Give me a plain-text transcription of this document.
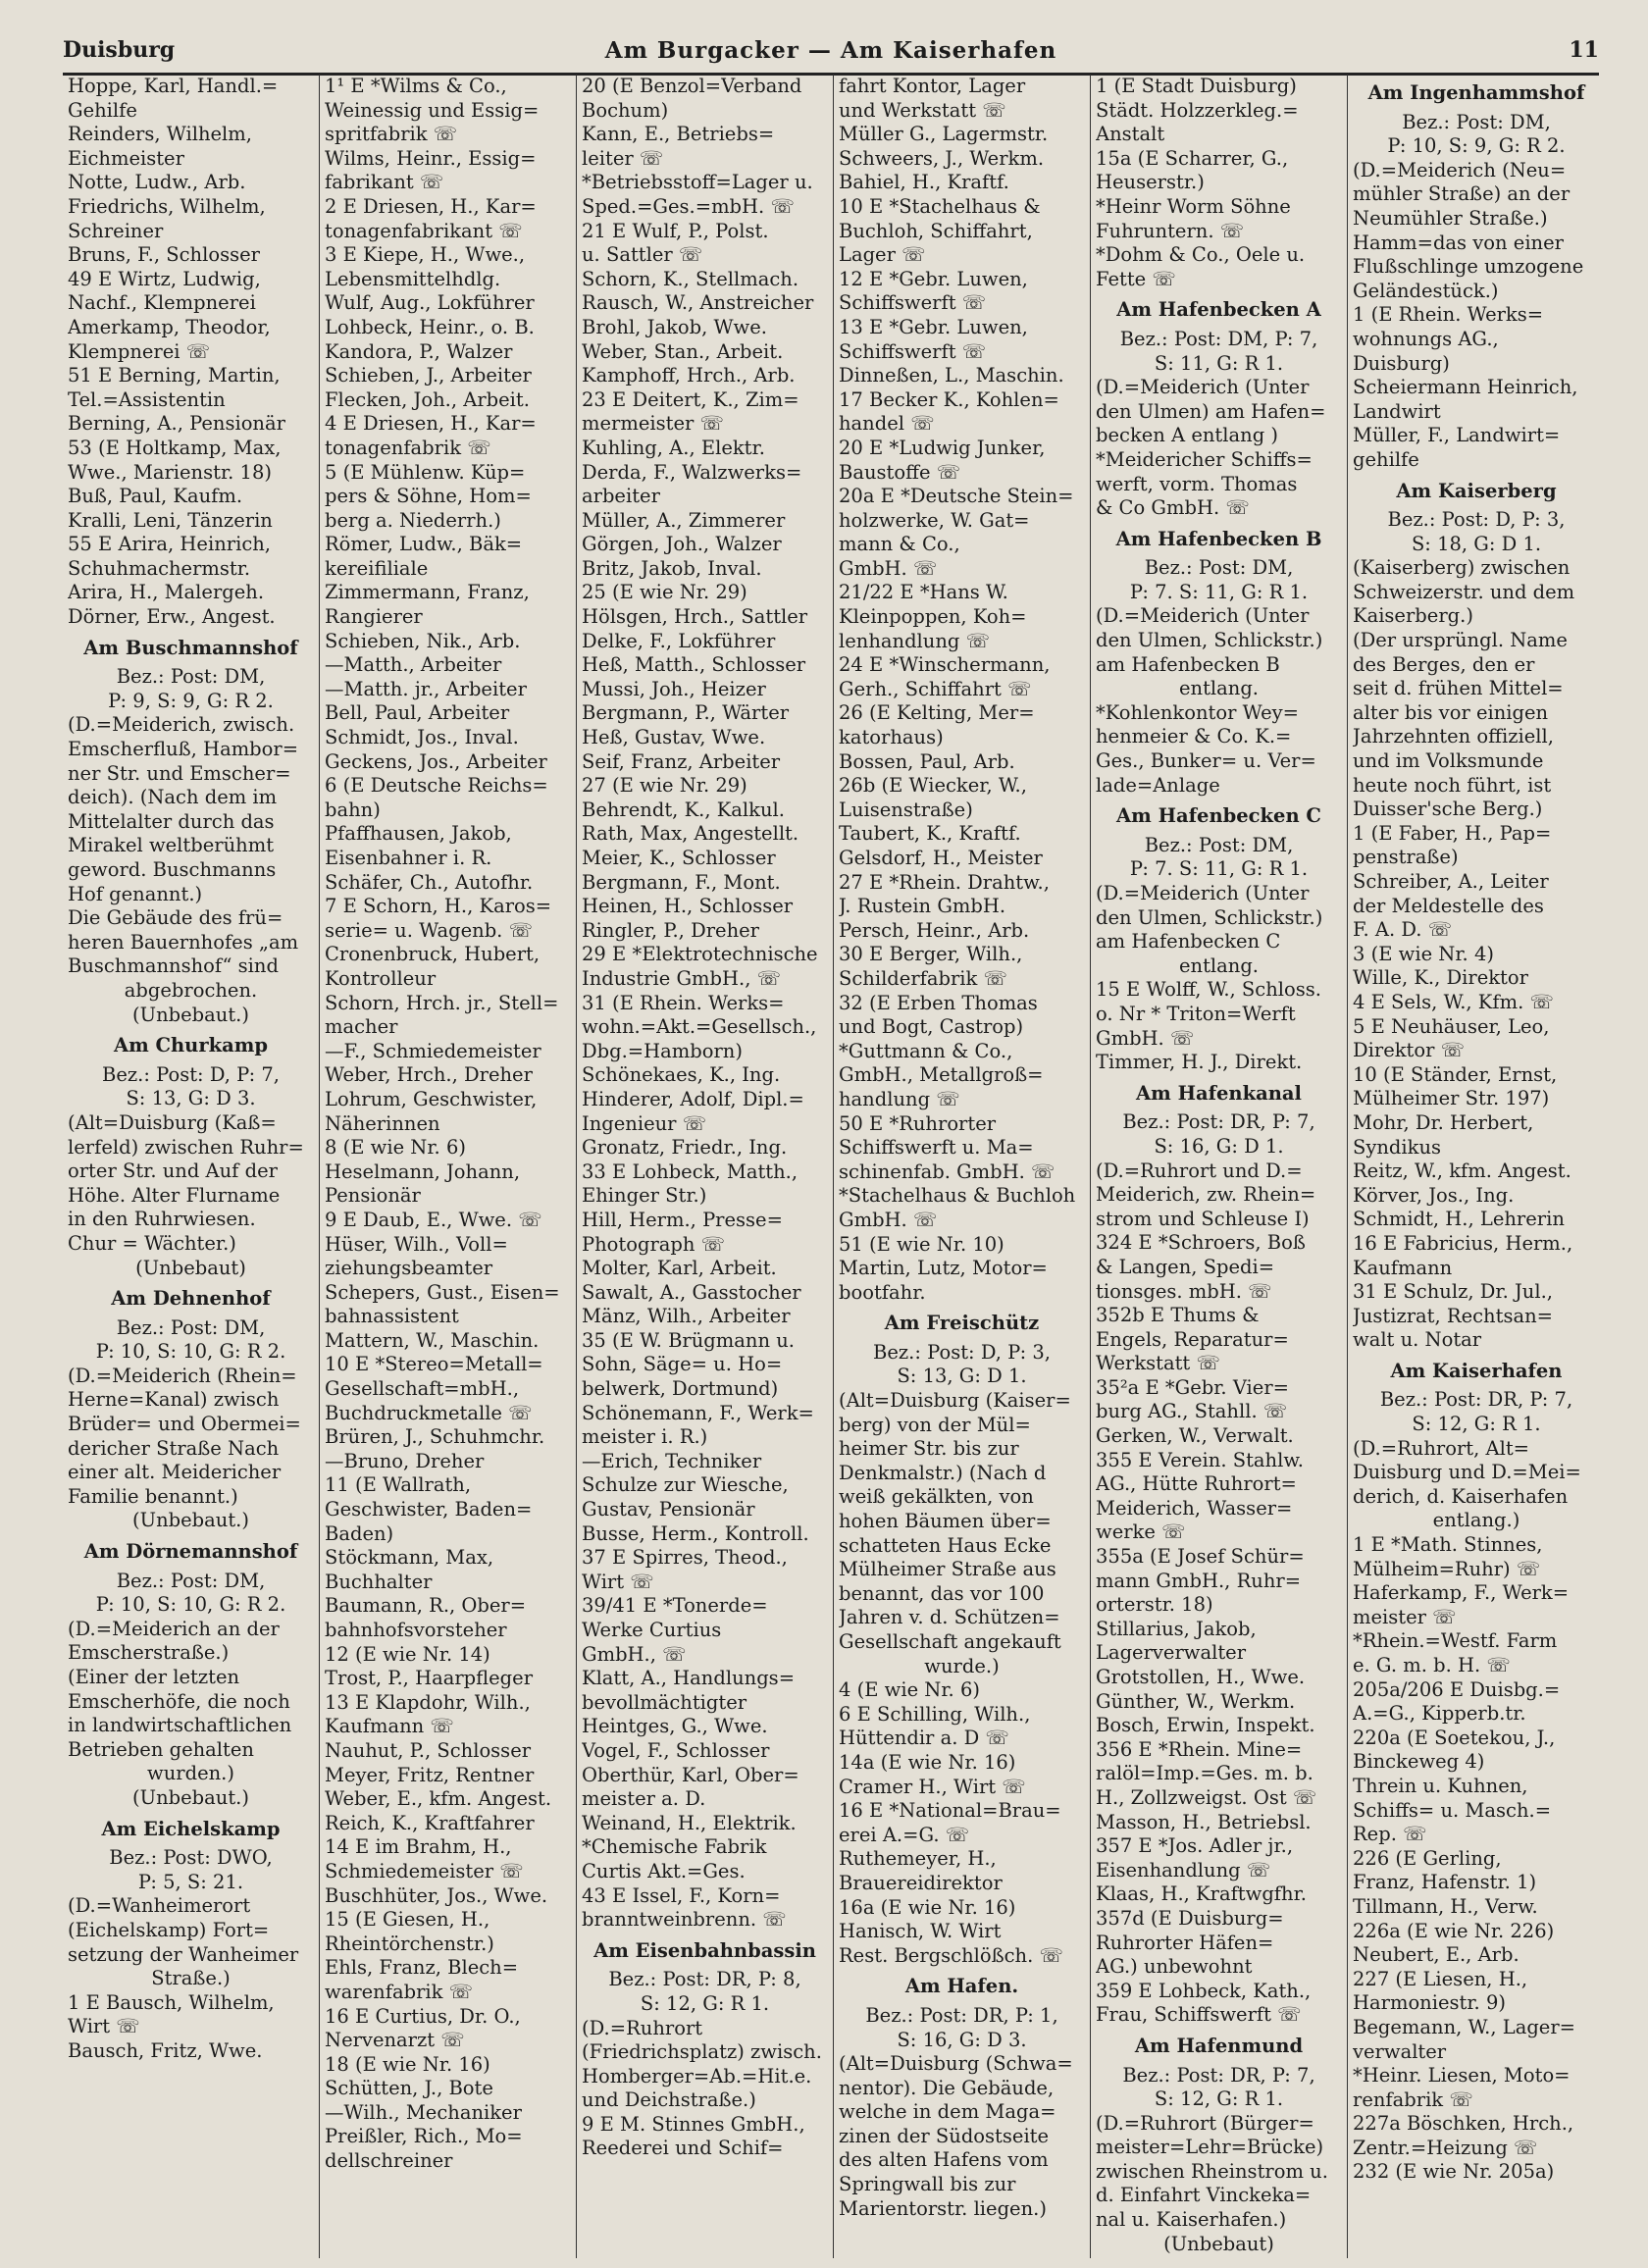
Duisburg	Am Burgacker — Am Kaiserhafen	11
Hoppe, Karl, Handl.=
Gehilfe
Reinders, Wilhelm,
Eichmeister
Notte, Ludw., Arb.
Friedrichs, Wilhelm,
Schreiner
Bruns, F., Schlosser
49 E Wirtz, Ludwig,
Nachf., Klempnerei
Amerkamp, Theodor,
Klempnerei ☏
51 E Berning, Martin,
Tel.=Assistentin
Berning, A., Pensionär
53 (E Holtkamp, Max,
Wwe., Marienstr. 18)
Buß, Paul, Kaufm.
Kralli, Leni, Tänzerin
55 E Arira, Heinrich,
Schuhmachermstr.
Arira, H., Malergeh.
Dörner, Erw., Angest.
Am Buschmannshof
Bez.: Post: DM,
P: 9, S: 9, G: R 2.
(D.=Meiderich, zwisch.
Emscherfluß, Hambor=
ner Str. und Emscher=
deich). (Nach dem im
Mittelalter durch das
Mirakel weltberühmt
geword. Buschmanns
Hof genannt.)
Die Gebäude des frü=
heren Bauernhofes „am
Buschmannshof“ sind
abgebrochen.
(Unbebaut.)
Am Churkamp
Bez.: Post: D, P: 7,
S: 13, G: D 3.
(Alt=Duisburg (Kaß=
lerfeld) zwischen Ruhr=
orter Str. und Auf der
Höhe. Alter Flurname
in den Ruhrwiesen.
Chur = Wächter.)
(Unbebaut)
Am Dehnenhof
Bez.: Post: DM,
P: 10, S: 10, G: R 2.
(D.=Meiderich (Rhein=
Herne=Kanal) zwisch
Brüder= und Obermei=
dericher Straße Nach
einer alt. Meidericher
Familie benannt.)
(Unbebaut.)
Am Dörnemannshof
Bez.: Post: DM,
P: 10, S: 10, G: R 2.
(D.=Meiderich an der
Emscherstraße.)
(Einer der letzten
Emscherhöfe, die noch
in landwirtschaftlichen
Betrieben gehalten
wurden.)
(Unbebaut.)
Am Eichelskamp
Bez.: Post: DWO,
P: 5, S: 21.
(D.=Wanheimerort
(Eichelskamp) Fort=
setzung der Wanheimer
Straße.)
1 E Bausch, Wilhelm,
Wirt ☏
Bausch, Fritz, Wwe.
1¹ E *Wilms & Co.,
Weinessig und Essig=
spritfabrik ☏
Wilms, Heinr., Essig=
fabrikant ☏
2 E Driesen, H., Kar=
tonagenfabrikant ☏
3 E Kiepe, H., Wwe.,
Lebensmittelhdlg.
Wulf, Aug., Lokführer
Lohbeck, Heinr., o. B.
Kandora, P., Walzer
Schieben, J., Arbeiter
Flecken, Joh., Arbeit.
4 E Driesen, H., Kar=
tonagenfabrik ☏
5 (E Mühlenw. Küp=
pers & Söhne, Hom=
berg a. Niederrh.)
Römer, Ludw., Bäk=
kereifiliale
Zimmermann, Franz,
Rangierer
Schieben, Nik., Arb.
—Matth., Arbeiter
—Matth. jr., Arbeiter
Bell, Paul, Arbeiter
Schmidt, Jos., Inval.
Geckens, Jos., Arbeiter
6 (E Deutsche Reichs=
bahn)
Pfaffhausen, Jakob,
Eisenbahner i. R.
Schäfer, Ch., Autofhr.
7 E Schorn, H., Karos=
serie= u. Wagenb. ☏
Cronenbruck, Hubert,
Kontrolleur
Schorn, Hrch. jr., Stell=
macher
—F., Schmiedemeister
Weber, Hrch., Dreher
Lohrum, Geschwister,
Näherinnen
8 (E wie Nr. 6)
Heselmann, Johann,
Pensionär
9 E Daub, E., Wwe. ☏
Hüser, Wilh., Voll=
ziehungsbeamter
Schepers, Gust., Eisen=
bahnassistent
Mattern, W., Maschin.
10 E *Stereo=Metall=
Gesellschaft=mbH.,
Buchdruckmetalle ☏
Brüren, J., Schuhmchr.
—Bruno, Dreher
11 (E Wallrath,
Geschwister, Baden=
Baden)
Stöckmann, Max,
Buchhalter
Baumann, R., Ober=
bahnhofsvorsteher
12 (E wie Nr. 14)
Trost, P., Haarpfleger
13 E Klapdohr, Wilh.,
Kaufmann ☏
Nauhut, P., Schlosser
Meyer, Fritz, Rentner
Weber, E., kfm. Angest.
Reich, K., Kraftfahrer
14 E im Brahm, H.,
Schmiedemeister ☏
Buschhüter, Jos., Wwe.
15 (E Giesen, H.,
Rheintörchenstr.)
Ehls, Franz, Blech=
warenfabrik ☏
16 E Curtius, Dr. O.,
Nervenarzt ☏
18 (E wie Nr. 16)
Schütten, J., Bote
—Wilh., Mechaniker
Preißler, Rich., Mo=
dellschreiner
20 (E Benzol=Verband
Bochum)
Kann, E., Betriebs=
leiter ☏
*Betriebsstoff=Lager u.
Sped.=Ges.=mbH. ☏
21 E Wulf, P., Polst.
u. Sattler ☏
Schorn, K., Stellmach.
Rausch, W., Anstreicher
Brohl, Jakob, Wwe.
Weber, Stan., Arbeit.
Kamphoff, Hrch., Arb.
23 E Deitert, K., Zim=
mermeister ☏
Kuhling, A., Elektr.
Derda, F., Walzwerks=
arbeiter
Müller, A., Zimmerer
Görgen, Joh., Walzer
Britz, Jakob, Inval.
25 (E wie Nr. 29)
Hölsgen, Hrch., Sattler
Delke, F., Lokführer
Heß, Matth., Schlosser
Mussi, Joh., Heizer
Bergmann, P., Wärter
Heß, Gustav, Wwe.
Seif, Franz, Arbeiter
27 (E wie Nr. 29)
Behrendt, K., Kalkul.
Rath, Max, Angestellt.
Meier, K., Schlosser
Bergmann, F., Mont.
Heinen, H., Schlosser
Ringler, P., Dreher
29 E *Elektrotechnische
Industrie GmbH., ☏
31 (E Rhein. Werks=
wohn.=Akt.=Gesellsch.,
Dbg.=Hamborn)
Schönekaes, K., Ing.
Hinderer, Adolf, Dipl.=
Ingenieur ☏
Gronatz, Friedr., Ing.
33 E Lohbeck, Matth.,
Ehinger Str.)
Hill, Herm., Presse=
Photograph ☏
Molter, Karl, Arbeit.
Sawalt, A., Gasstocher
Mänz, Wilh., Arbeiter
35 (E W. Brügmann u.
Sohn, Säge= u. Ho=
belwerk, Dortmund)
Schönemann, F., Werk=
meister i. R.)
—Erich, Techniker
Schulze zur Wiesche,
Gustav, Pensionär
Busse, Herm., Kontroll.
37 E Spirres, Theod.,
Wirt ☏
39/41 E *Tonerde=
Werke Curtius
GmbH., ☏
Klatt, A., Handlungs=
bevollmächtigter
Heintges, G., Wwe.
Vogel, F., Schlosser
Oberthür, Karl, Ober=
meister a. D.
Weinand, H., Elektrik.
*Chemische Fabrik
Curtis Akt.=Ges.
43 E Issel, F., Korn=
branntweinbrenn. ☏
Am Eisenbahnbassin
Bez.: Post: DR, P: 8,
S: 12, G: R 1.
(D.=Ruhrort
(Friedrichsplatz) zwisch.
Homberger=Ab.=Hit.e.
und Deichstraße.)
9 E M. Stinnes GmbH.,
Reederei und Schif=
fahrt Kontor, Lager
und Werkstatt ☏
Müller G., Lagermstr.
Schweers, J., Werkm.
Bahiel, H., Kraftf.
10 E *Stachelhaus &
Buchloh, Schiffahrt,
Lager ☏
12 E *Gebr. Luwen,
Schiffswerft ☏
13 E *Gebr. Luwen,
Schiffswerft ☏
Dinneßen, L., Maschin.
17 Becker K., Kohlen=
handel ☏
20 E *Ludwig Junker,
Baustoffe ☏
20a E *Deutsche Stein=
holzwerke, W. Gat=
mann & Co.,
GmbH. ☏
21/22 E *Hans W.
Kleinpoppen, Koh=
lenhandlung ☏
24 E *Winschermann,
Gerh., Schiffahrt ☏
26 (E Kelting, Mer=
katorhaus)
Bossen, Paul, Arb.
26b (E Wiecker, W.,
Luisenstraße)
Taubert, K., Kraftf.
Gelsdorf, H., Meister
27 E *Rhein. Drahtw.,
J. Rustein GmbH.
Persch, Heinr., Arb.
30 E Berger, Wilh.,
Schilderfabrik ☏
32 (E Erben Thomas
und Bogt, Castrop)
*Guttmann & Co.,
GmbH., Metallgroß=
handlung ☏
50 E *Ruhrorter
Schiffswerft u. Ma=
schinenfab. GmbH. ☏
*Stachelhaus & Buchloh
GmbH. ☏
51 (E wie Nr. 10)
Martin, Lutz, Motor=
bootfahr.
Am Freischütz
Bez.: Post: D, P: 3,
S: 13, G: D 1.
(Alt=Duisburg (Kaiser=
berg) von der Mül=
heimer Str. bis zur
Denkmalstr.) (Nach d
weiß gekälkten, von
hohen Bäumen über=
schatteten Haus Ecke
Mülheimer Straße aus
benannt, das vor 100
Jahren v. d. Schützen=
Gesellschaft angekauft
wurde.)
4 (E wie Nr. 6)
6 E Schilling, Wilh.,
Hüttendir a. D ☏
14a (E wie Nr. 16)
Cramer H., Wirt ☏
16 E *National=Brau=
erei A.=G. ☏
Ruthemeyer, H.,
Brauereidirektor
16a (E wie Nr. 16)
Hanisch, W. Wirt
Rest. Bergschlößch. ☏
Am Hafen.
Bez.: Post: DR, P: 1,
S: 16, G: D 3.
(Alt=Duisburg (Schwa=
nentor). Die Gebäude,
welche in dem Maga=
zinen der Südostseite
des alten Hafens vom
Springwall bis zur
Marientorstr. liegen.)
1 (E Stadt Duisburg)
Städt. Holzzerkleg.=
Anstalt
15a (E Scharrer, G.,
Heuserstr.)
*Heinr Worm Söhne
Fuhruntern. ☏
*Dohm & Co., Oele u.
Fette ☏
Am Hafenbecken A
Bez.: Post: DM, P: 7,
S: 11, G: R 1.
(D.=Meiderich (Unter
den Ulmen) am Hafen=
becken A entlang )
*Meidericher Schiffs=
werft, vorm. Thomas
& Co GmbH. ☏
Am Hafenbecken B
Bez.: Post: DM,
P: 7. S: 11, G: R 1.
(D.=Meiderich (Unter
den Ulmen, Schlickstr.)
am Hafenbecken B
entlang.
*Kohlenkontor Wey=
henmeier & Co. K.=
Ges., Bunker= u. Ver=
lade=Anlage
Am Hafenbecken C
Bez.: Post: DM,
P: 7. S: 11, G: R 1.
(D.=Meiderich (Unter
den Ulmen, Schlickstr.)
am Hafenbecken C
entlang.
15 E Wolff, W., Schloss.
o. Nr * Triton=Werft
GmbH. ☏
Timmer, H. J., Direkt.
Am Hafenkanal
Bez.: Post: DR, P: 7,
S: 16, G: D 1.
(D.=Ruhrort und D.=
Meiderich, zw. Rhein=
strom und Schleuse I)
324 E *Schroers, Boß
& Langen, Spedi=
tionsges. mbH. ☏
352b E Thums &
Engels, Reparatur=
Werkstatt ☏
35²a E *Gebr. Vier=
burg AG., Stahll. ☏
Gerken, W., Verwalt.
355 E Verein. Stahlw.
AG., Hütte Ruhrort=
Meiderich, Wasser=
werke ☏
355a (E Josef Schür=
mann GmbH., Ruhr=
orterstr. 18)
Stillarius, Jakob,
Lagerverwalter
Grotstollen, H., Wwe.
Günther, W., Werkm.
Bosch, Erwin, Inspekt.
356 E *Rhein. Mine=
ralöl=Imp.=Ges. m. b.
H., Zollzweigst. Ost ☏
Masson, H., Betriebsl.
357 E *Jos. Adler jr.,
Eisenhandlung ☏
Klaas, H., Kraftwgfhr.
357d (E Duisburg=
Ruhrorter Häfen=
AG.) unbewohnt
359 E Lohbeck, Kath.,
Frau, Schiffswerft ☏
Am Hafenmund
Bez.: Post: DR, P: 7,
S: 12, G: R 1.
(D.=Ruhrort (Bürger=
meister=Lehr=Brücke)
zwischen Rheinstrom u.
d. Einfahrt Vinckeka=
nal u. Kaiserhafen.)
(Unbebaut)
Am Ingenhammshof
Bez.: Post: DM,
P: 10, S: 9, G: R 2.
(D.=Meiderich (Neu=
mühler Straße) an der
Neumühler Straße.)
Hamm=das von einer
Flußschlinge umzogene
Geländestück.)
1 (E Rhein. Werks=
wohnungs AG.,
Duisburg)
Scheiermann Heinrich,
Landwirt
Müller, F., Landwirt=
gehilfe
Am Kaiserberg
Bez.: Post: D, P: 3,
S: 18, G: D 1.
(Kaiserberg) zwischen
Schweizerstr. und dem
Kaiserberg.)
(Der ursprüngl. Name
des Berges, den er
seit d. frühen Mittel=
alter bis vor einigen
Jahrzehnten offiziell,
und im Volksmunde
heute noch führt, ist
Duisser'sche Berg.)
1 (E Faber, H., Pap=
penstraße)
Schreiber, A., Leiter
der Meldestelle des
F. A. D. ☏
3 (E wie Nr. 4)
Wille, K., Direktor
4 E Sels, W., Kfm. ☏
5 E Neuhäuser, Leo,
Direktor ☏
10 (E Ständer, Ernst,
Mülheimer Str. 197)
Mohr, Dr. Herbert,
Syndikus
Reitz, W., kfm. Angest.
Körver, Jos., Ing.
Schmidt, H., Lehrerin
16 E Fabricius, Herm.,
Kaufmann
31 E Schulz, Dr. Jul.,
Justizrat, Rechtsan=
walt u. Notar
Am Kaiserhafen
Bez.: Post: DR, P: 7,
S: 12, G: R 1.
(D.=Ruhrort, Alt=
Duisburg und D.=Mei=
derich, d. Kaiserhafen
entlang.)
1 E *Math. Stinnes,
Mülheim=Ruhr) ☏
Haferkamp, F., Werk=
meister ☏
*Rhein.=Westf. Farm
e. G. m. b. H. ☏
205a/206 E Duisbg.=
A.=G., Kipperb.tr.
220a (E Soetekou, J.,
Binckeweg 4)
Threin u. Kuhnen,
Schiffs= u. Masch.=
Rep. ☏
226 (E Gerling,
Franz, Hafenstr. 1)
Tillmann, H., Verw.
226a (E wie Nr. 226)
Neubert, E., Arb.
227 (E Liesen, H.,
Harmoniestr. 9)
Begemann, W., Lager=
verwalter
*Heinr. Liesen, Moto=
renfabrik ☏
227a Böschken, Hrch.,
Zentr.=Heizung ☏
232 (E wie Nr. 205a)
